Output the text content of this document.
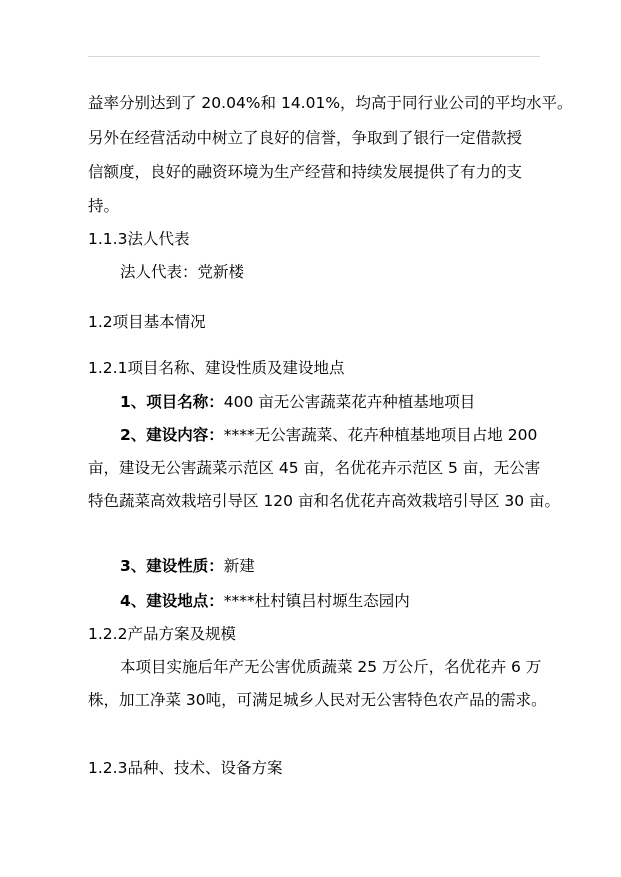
益率分别达到了 20.04%和 14.01%，均高于同行业公司的平均水平。
另外在经营活动中树立了良好的信誉，争取到了银行一定借款授
信额度，良好的融资环境为生产经营和持续发展提供了有力的支
持。
1.1.3法人代表
法人代表：党新楼
1.2项目基本情况
1.2.1项目名称、建设性质及建设地点
1、项目名称：400 亩无公害蔬菜花卉种植基地项目
2、建设内容：****无公害蔬菜、花卉种植基地项目占地 200
亩，建设无公害蔬菜示范区 45 亩，名优花卉示范区 5 亩，无公害
特色蔬菜高效栽培引导区 120 亩和名优花卉高效栽培引导区 30 亩。
3、建设性质：新建
4、建设地点：****杜村镇吕村塬生态园内
1.2.2产品方案及规模
本项目实施后年产无公害优质蔬菜 25 万公斤，名优花卉 6 万
株，加工净菜 30吨，可满足城乡人民对无公害特色农产品的需求。
1.2.3品种、技术、设备方案
